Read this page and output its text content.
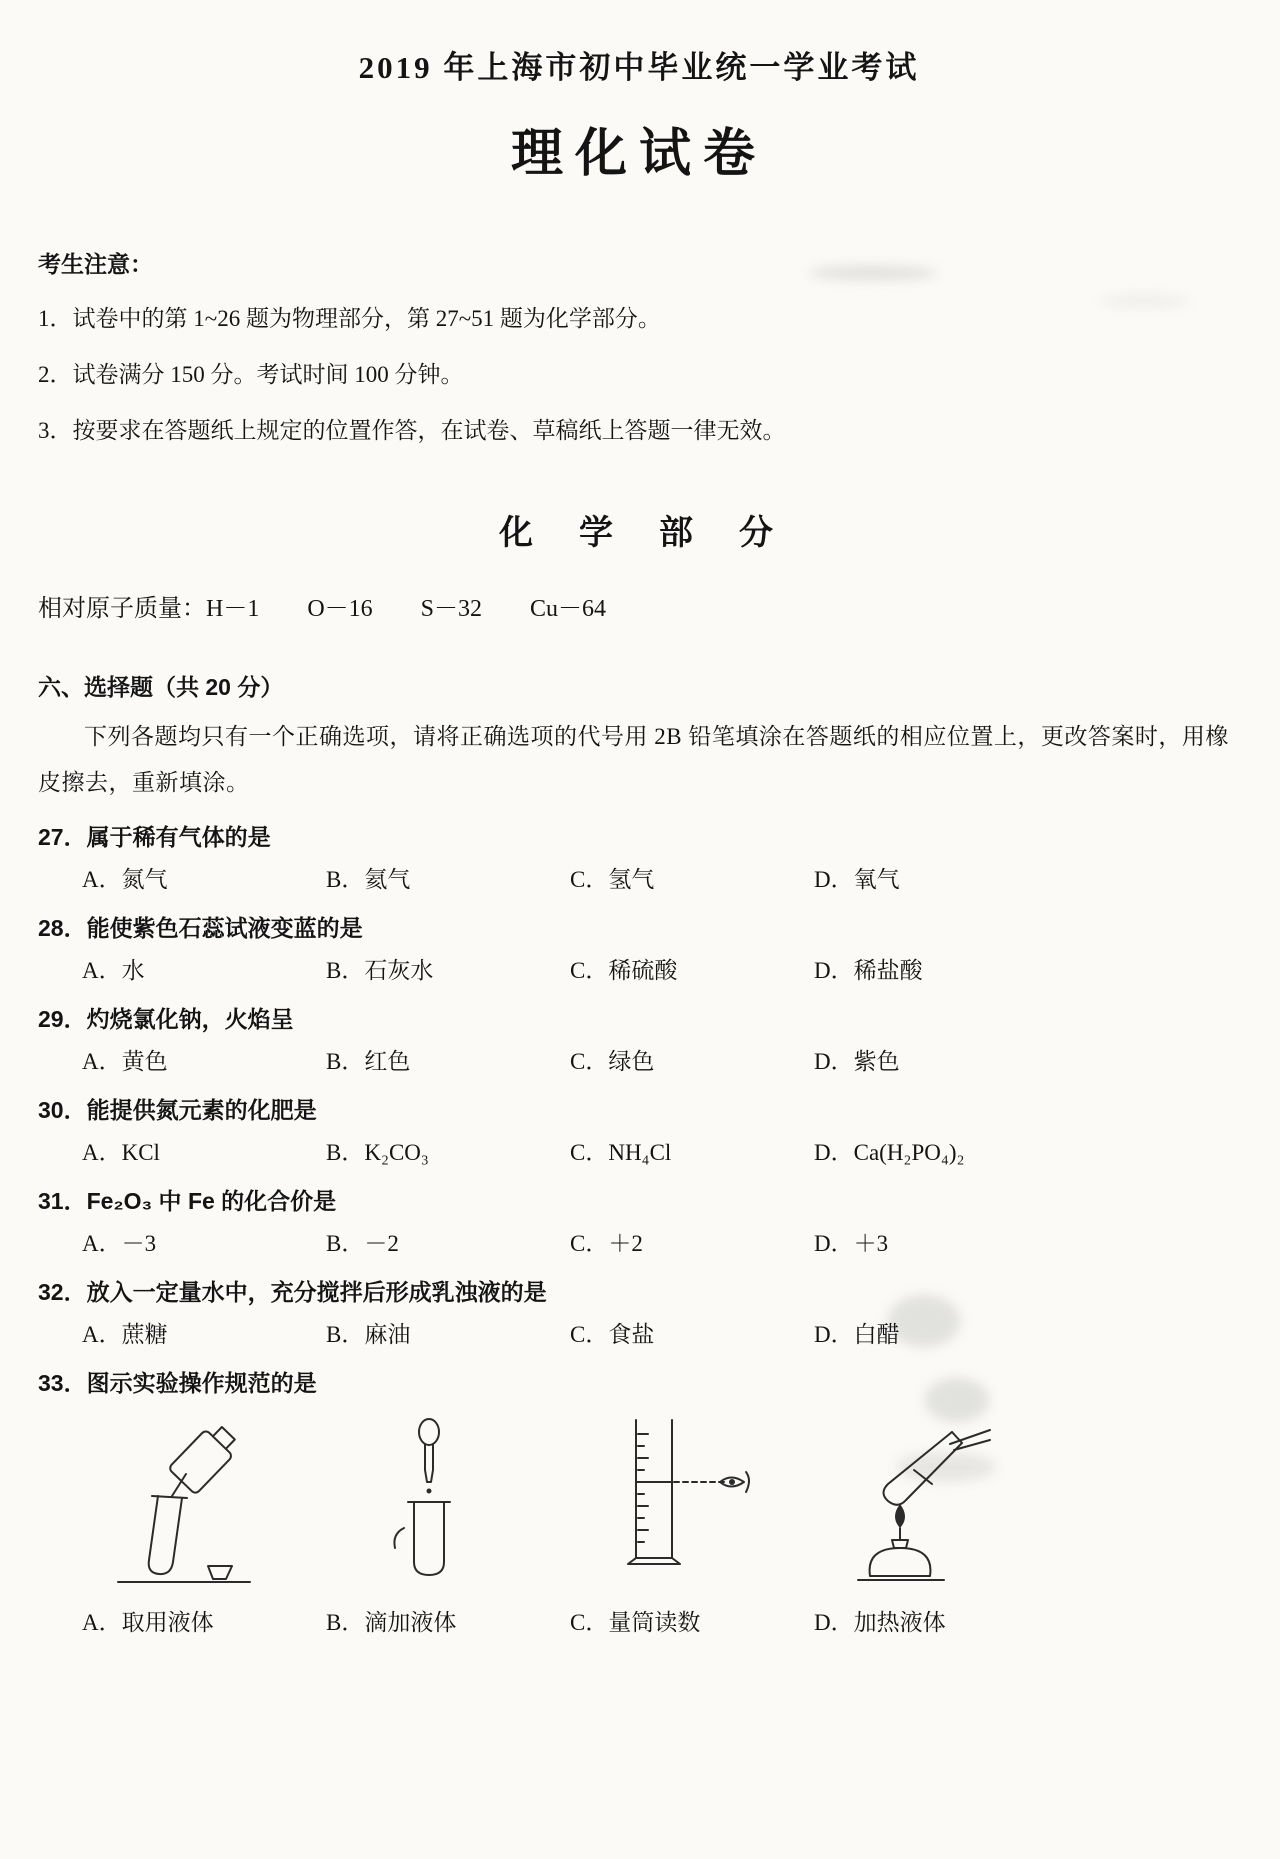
2019 年上海市初中毕业统一学业考试
理化试卷
考生注意：
1．试卷中的第 1~26 题为物理部分，第 27~51 题为化学部分。
2．试卷满分 150 分。考试时间 100 分钟。
3．按要求在答题纸上规定的位置作答，在试卷、草稿纸上答题一律无效。
化　学　部　分
相对原子质量：H－1　　O－16　　S－32　　Cu－64
六、选择题（共 20 分）
下列各题均只有一个正确选项，请将正确选项的代号用 2B 铅笔填涂在答题纸的相应位置上，更改答案时，用橡皮擦去，重新填涂。
27．属于稀有气体的是
A．氮气	B．氦气	C．氢气	D．氧气
28．能使紫色石蕊试液变蓝的是
A．水	B．石灰水	C．稀硫酸	D．稀盐酸
29．灼烧氯化钠，火焰呈
A．黄色	B．红色	C．绿色	D．紫色
30．能提供氮元素的化肥是
A．KCl	B．K₂CO₃	C．NH₄Cl	D．Ca(H₂PO₄)₂
31．Fe₂O₃ 中 Fe 的化合价是
A．－3	B．－2	C．＋2	D．＋3
32．放入一定量水中，充分搅拌后形成乳浊液的是
A．蔗糖	B．麻油	C．食盐	D．白醋
33．图示实验操作规范的是
A．取用液体	B．滴加液体	C．量筒读数	D．加热液体
